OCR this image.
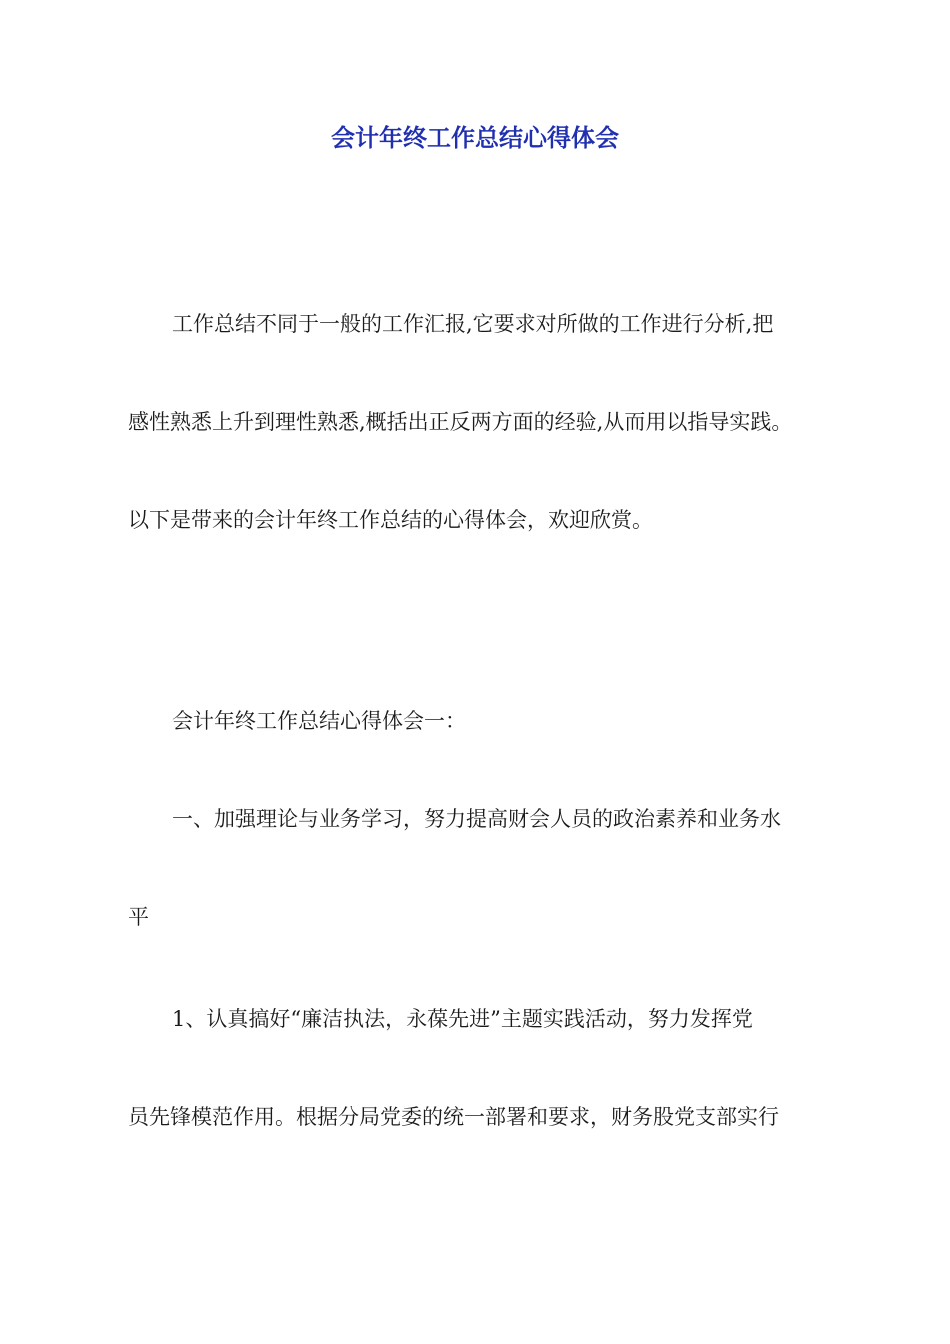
会计年终工作总结心得体会

工作总结不同于一般的工作汇报,它要求对所做的工作进行分析,把

感性熟悉上升到理性熟悉,概括出正反两方面的经验,从而用以指导实践。

以下是带来的会计年终工作总结的心得体会，欢迎欣赏。

会计年终工作总结心得体会一：

一、加强理论与业务学习，努力提高财会人员的政治素养和业务水

平

1、认真搞好“廉洁执法，永葆先进”主题实践活动，努力发挥党

员先锋模范作用。根据分局党委的统一部署和要求，财务股党支部实行
